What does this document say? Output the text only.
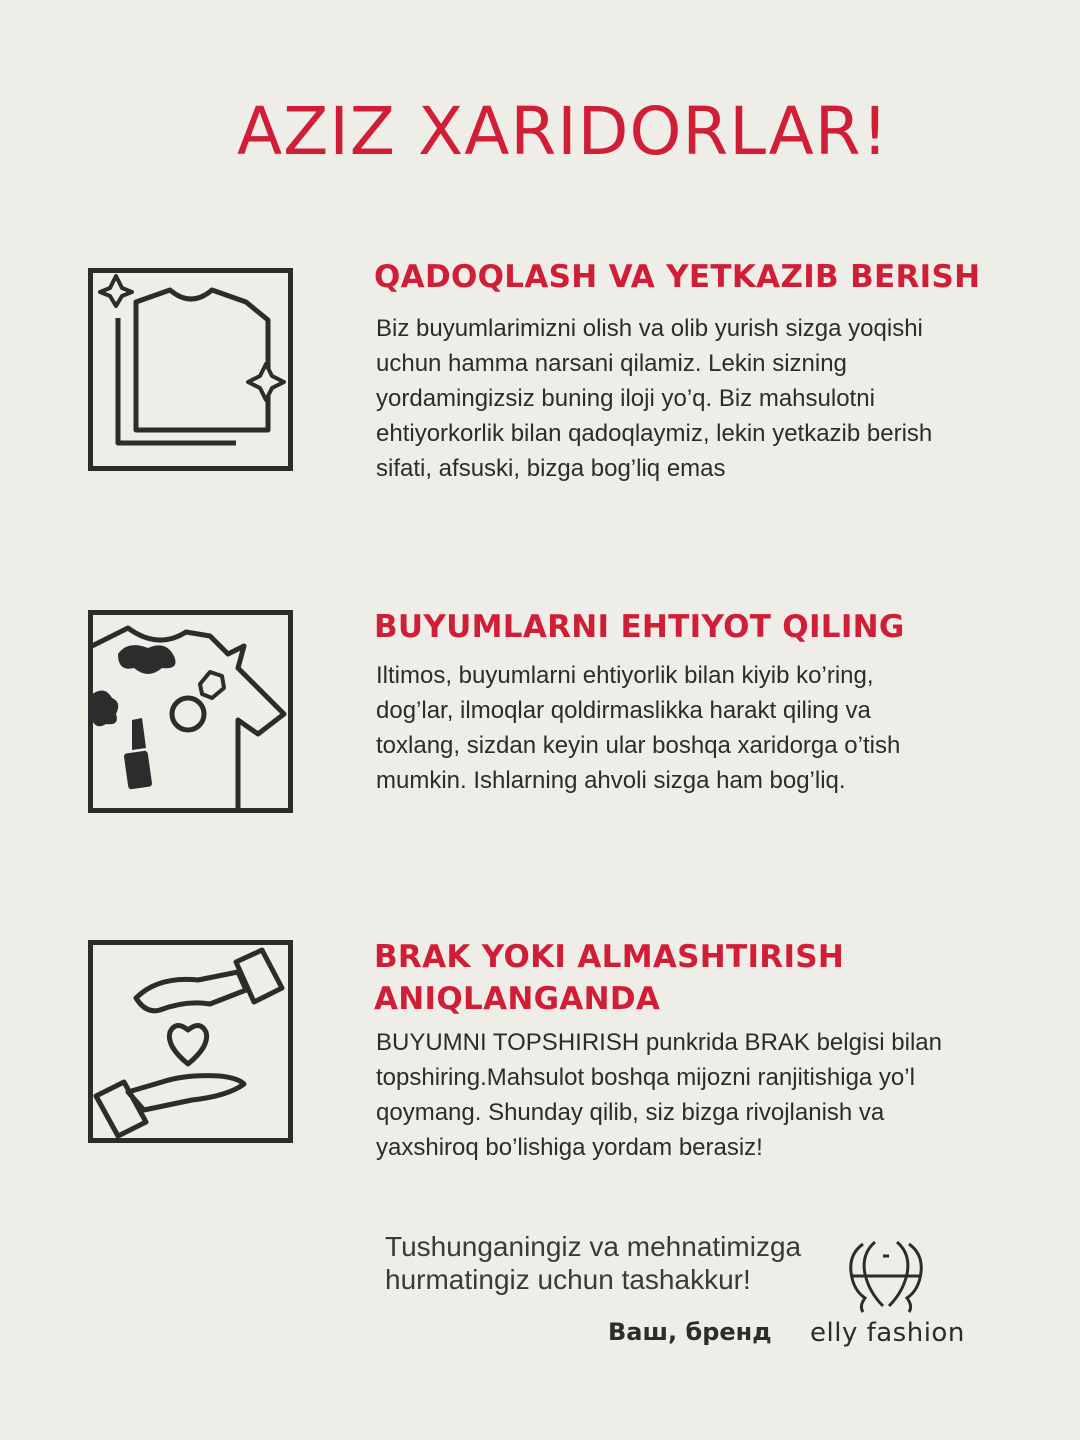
AZIZ XARIDORLAR!
QADOQLASH VA YETKAZIB BERISH

Biz buyumlarimizni olish va olib yurish sizga yoqishi uchun hamma narsani qilamiz. Lekin sizning yordamingizsiz buning iloji yo’q. Biz mahsulotni ehtiyorkorlik bilan qadoqlaymiz, lekin yetkazib berish sifati, afsuski, bizga bog’liq emas

BUYUMLARNI EHTIYOT QILING

Iltimos, buyumlarni ehtiyorlik bilan kiyib ko’ring, dog’lar, ilmoqlar qoldirmaslikka harakt qiling va toxlang, sizdan keyin ular boshqa xaridorga o’tish mumkin. Ishlarning ahvoli sizga ham bog’liq.

BRAK YOKI ALMASHTIRISH ANIQLANGANDA

BUYUMNI TOPSHIRISH punkrida BRAK belgisi bilan topshiring.Mahsulot boshqa mijozni ranjitishiga yo’l qoymang. Shunday qilib, siz bizga rivojlanish va yaxshiroq bo’lishiga yordam berasiz!

Tushunganingiz va mehnatimizga hurmatingiz uchun tashakkur!

Ваш, бренд elly fashion
